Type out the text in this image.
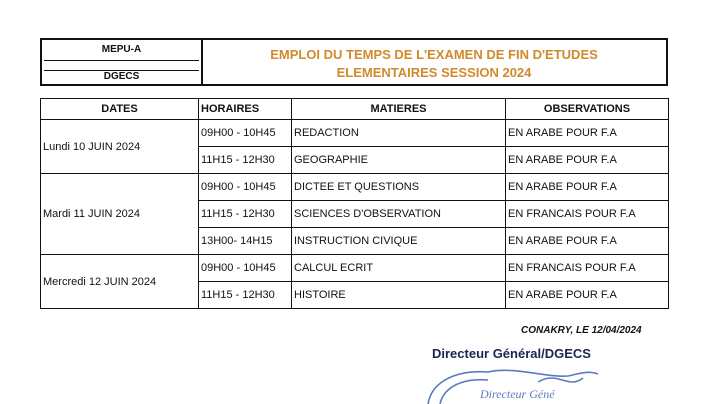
MEPU-A
DGECS
EMPLOI DU TEMPS DE L'EXAMEN DE FIN D'ETUDES
ELEMENTAIRES SESSION 2024
DATES	HORAIRES	MATIERES	OBSERVATIONS
Lundi 10 JUIN 2024	09H00 - 10H45	REDACTION	EN ARABE POUR F.A
	11H15 - 12H30	GEOGRAPHIE	EN ARABE POUR F.A
Mardi 11 JUIN 2024	09H00 - 10H45	DICTEE ET QUESTIONS	EN ARABE POUR F.A
	11H15 - 12H30	SCIENCES D'OBSERVATION	EN FRANCAIS POUR F.A
	13H00- 14H15	INSTRUCTION CIVIQUE	EN ARABE POUR F.A
Mercredi 12 JUIN 2024	09H00 - 10H45	CALCUL ECRIT	EN FRANCAIS POUR F.A
	11H15 - 12H30	HISTOIRE	EN ARABE POUR F.A
CONAKRY, LE 12/04/2024
Directeur Général/DGECS
Directeur Géné
